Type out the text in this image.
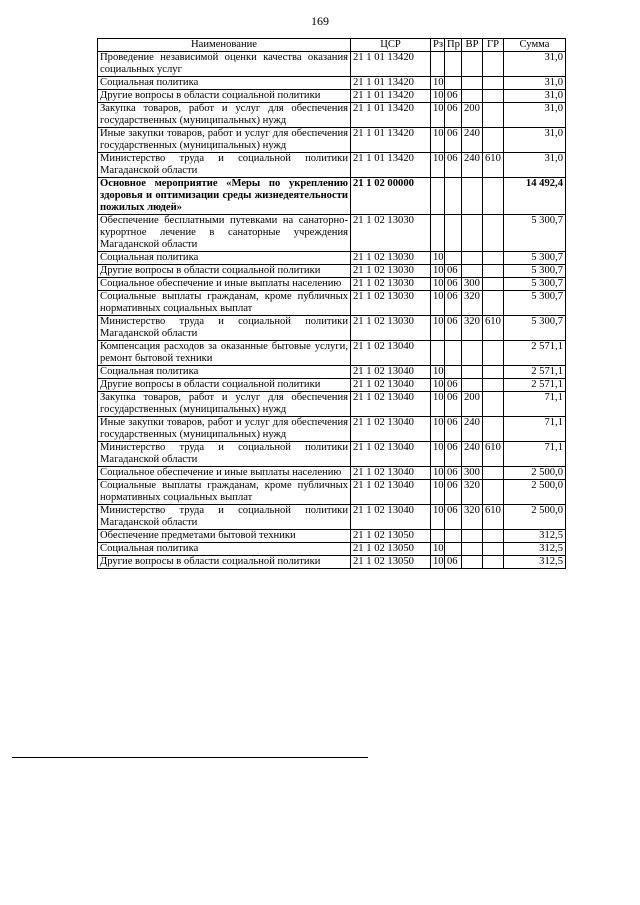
169
Наименование	ЦСР	Рз	Пр	ВР	ГР	Сумма
Проведение независимой оценки качества оказания социальных услуг	21 1 01 13420					31,0
Социальная политика	21 1 01 13420	10				31,0
Другие вопросы в области социальной политики	21 1 01 13420	10	06			31,0
Закупка товаров, работ и услуг для обеспечения государственных (муниципальных) нужд	21 1 01 13420	10	06	200		31,0
Иные закупки товаров, работ и услуг для обеспечения государственных (муниципальных) нужд	21 1 01 13420	10	06	240		31,0
Министерство труда и социальной политики Магаданской области	21 1 01 13420	10	06	240	610	31,0
Основное мероприятие «Меры по укреплению здоровья и оптимизации среды жизнедеятельности пожилых людей»	21 1 02 00000					14 492,4
Обеспечение бесплатными путевками на санаторно-курортное лечение в санаторные учреждения Магаданской области	21 1 02 13030					5 300,7
Социальная политика	21 1 02 13030	10				5 300,7
Другие вопросы в области социальной политики	21 1 02 13030	10	06			5 300,7
Социальное обеспечение и иные выплаты населению	21 1 02 13030	10	06	300		5 300,7
Социальные выплаты гражданам, кроме публичных нормативных социальных выплат	21 1 02 13030	10	06	320		5 300,7
Министерство труда и социальной политики Магаданской области	21 1 02 13030	10	06	320	610	5 300,7
Компенсация расходов за оказанные бытовые услуги, ремонт бытовой техники	21 1 02 13040					2 571,1
Социальная политика	21 1 02 13040	10				2 571,1
Другие вопросы в области социальной политики	21 1 02 13040	10	06			2 571,1
Закупка товаров, работ и услуг для обеспечения государственных (муниципальных) нужд	21 1 02 13040	10	06	200		71,1
Иные закупки товаров, работ и услуг для обеспечения государственных (муниципальных) нужд	21 1 02 13040	10	06	240		71,1
Министерство труда и социальной политики Магаданской области	21 1 02 13040	10	06	240	610	71,1
Социальное обеспечение и иные выплаты населению	21 1 02 13040	10	06	300		2 500,0
Социальные выплаты гражданам, кроме публичных нормативных социальных выплат	21 1 02 13040	10	06	320		2 500,0
Министерство труда и социальной политики Магаданской области	21 1 02 13040	10	06	320	610	2 500,0
Обеспечение предметами бытовой техники	21 1 02 13050					312,5
Социальная политика	21 1 02 13050	10				312,5
Другие вопросы в области социальной политики	21 1 02 13050	10	06			312,5
